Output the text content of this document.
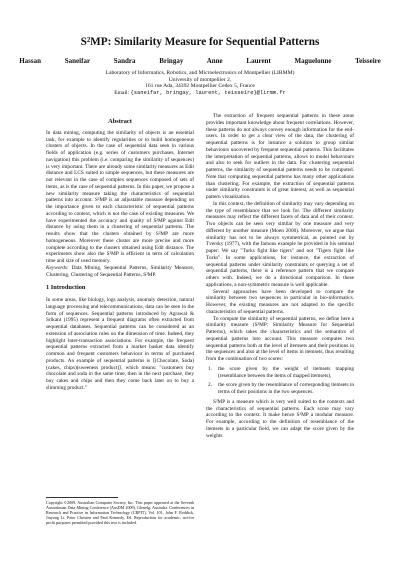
S²MP: Similarity Measure for Sequential Patterns
Hassan Saneifar	Sandra Bringay	Anne Laurent	Maguelonne Teisseire
Laboratory of Informatics, Robotics, and Microelectronics of Montpellier (LIRMM)
University of montpellier 2,
161 rue Ada, 34392 Montpellier Cedex 5, France
Email: {saneifar, bringay, laurent, teisseire}@lirmm.fr
Abstract

In data mining, computing the similarity of objects is an essential task, for example to identify regularities or to build homogeneous clusters of objects. In the case of sequential data seen in various fields of application (e.g. series of customers purchases, Internet navigation) this problem (i.e. comparing the similarity of sequences) is very important. There are already some similarity measures as Edit distance and LCS suited to simple sequences, but these measures are not relevant in the case of complex sequences composed of sets of items, as is the case of sequential patterns. In this paper, we propose a new similarity measure taking the characteristics of sequential patterns into account. S²MP is an adjustable measure depending on the importance given to each characteristic of sequential patterns according to context, which is not the case of existing measures. We have experimented the accuracy and quality of S²MP against Edit distance by using them in a clustering of sequential patterns. The results show that the clusters obtained by S²MP are more homogeneous. Moreover these cluster are more precise and more complete according to the clusters obtained using Edit distance. The experiments show also the S²MP is efficient in term of calculation time and size of used memory.

Keywords: Data Mining, Sequential Patterns, Similarity Measure, Clustering, Clustering of Sequential Patterns, S²MP.

1 Introduction

In some areas, like biology, logs analysis, anomaly detection, natural language processing and telecommunications, data can be seen in the form of sequences. Sequential patterns introduced by Agrawal & Srikant (1995) represent a frequent diagrams often extracted from sequential databases. Sequential patterns can be considered as an extension of association rules on the dimension of time. Indeed, they highlight inter-transaction associations. For example, the frequent sequential patterns extracted from a market basket data identify common and frequent customers behaviour in terms of purchased products. An example of sequential patterns is ⟨(Chocolate, Soda)(cakes, chips)(sweeness product)⟩, which means: "customers buy chocolate and soda in the same time, then in the next purchase, they buy cakes and chips and then they come back later on to buy a slimming product."

Copyright ©2009, Australian Computer Society, Inc. This paper appeared at the Seventh Australasian Data Mining Conference (AusDM 2009), Glenelg, Australia. Conferences in Research and Practice in Information Technology (CRPIT), Vol. 101, John F. Roddick, Jiuyong Li, Peter Christen and Paul Kennedy, Ed. Reproduction for academic, not-for profit purposes permitted provided this text is included.

The extraction of frequent sequential patterns in these areas provides important knowledge about frequent correlations. However, these patterns do not always convey enough information for the end-users. In order to get a clear view of the data, the clustering of sequential patterns is for instance a solution to group similar behaviours uncovered by frequent sequential patterns. This facilitates the interpretation of sequential patterns, allows to model behaviours and also to seek for outliers in the data. For clustering sequential patterns, the similarity of sequential patterns needs to be computed. Note that computing sequential patterns has many other applications than clustering. For example, the extraction of sequential patterns under similarity constraints is of great interest, as well as sequential pattern visualization.

In this context, the definition of similarity may vary depending on the type of resemblance that we look for. The different similarity measures may reflect the different facets of data and of their context. Two objects can be seen very similar by one measure and very different by another measure (Moen 2000). Moreover, we argue that similarity has not to be always symmetrical, as pointed out by Tversky (1977), with the famous example he provided in his seminal paper: We say "Turks fight like tigers" and not "Tigers fight like Turks". In some applications, for instance, the extraction of sequential patterns under similarity constraints or querying a set of sequential patterns, there is a reference pattern that we compare others with. Indeed, we do a directional comparison. In these applications, a non-symmetric measure is well applicable.

Several approaches have been developed to compare the similarity between two sequences in particular in bio-informatics. However, the existing measures are not adapted to the specific characteristics of sequential patterns.

To compute the similarity of sequential patterns, we define here a similarity measure (S²MP: Similarity Measure for Sequential Patterns), which takes the characteristics and the semantics of sequential patterns into account. This measure computes two sequential patterns both at the level of itemsets and their positions in the sequences and also at the level of items in itemsets, thus resulting from the combination of two scores:

1. the score given by the weight of itemsets mapping (resemblance between the items of mapped itemsets),
2. the score given by the resemblance of corresponding itemsets in terms of their positions in the two sequences.

S²MP is a measure which is very well suited to the contexts and the characteristics of sequential patterns. Each score may vary according to the context. It make hence S²MP a modular measure. For example, according to the definition of resemblance of the itemsets in a particular field, we can adapt the score given by the weights
